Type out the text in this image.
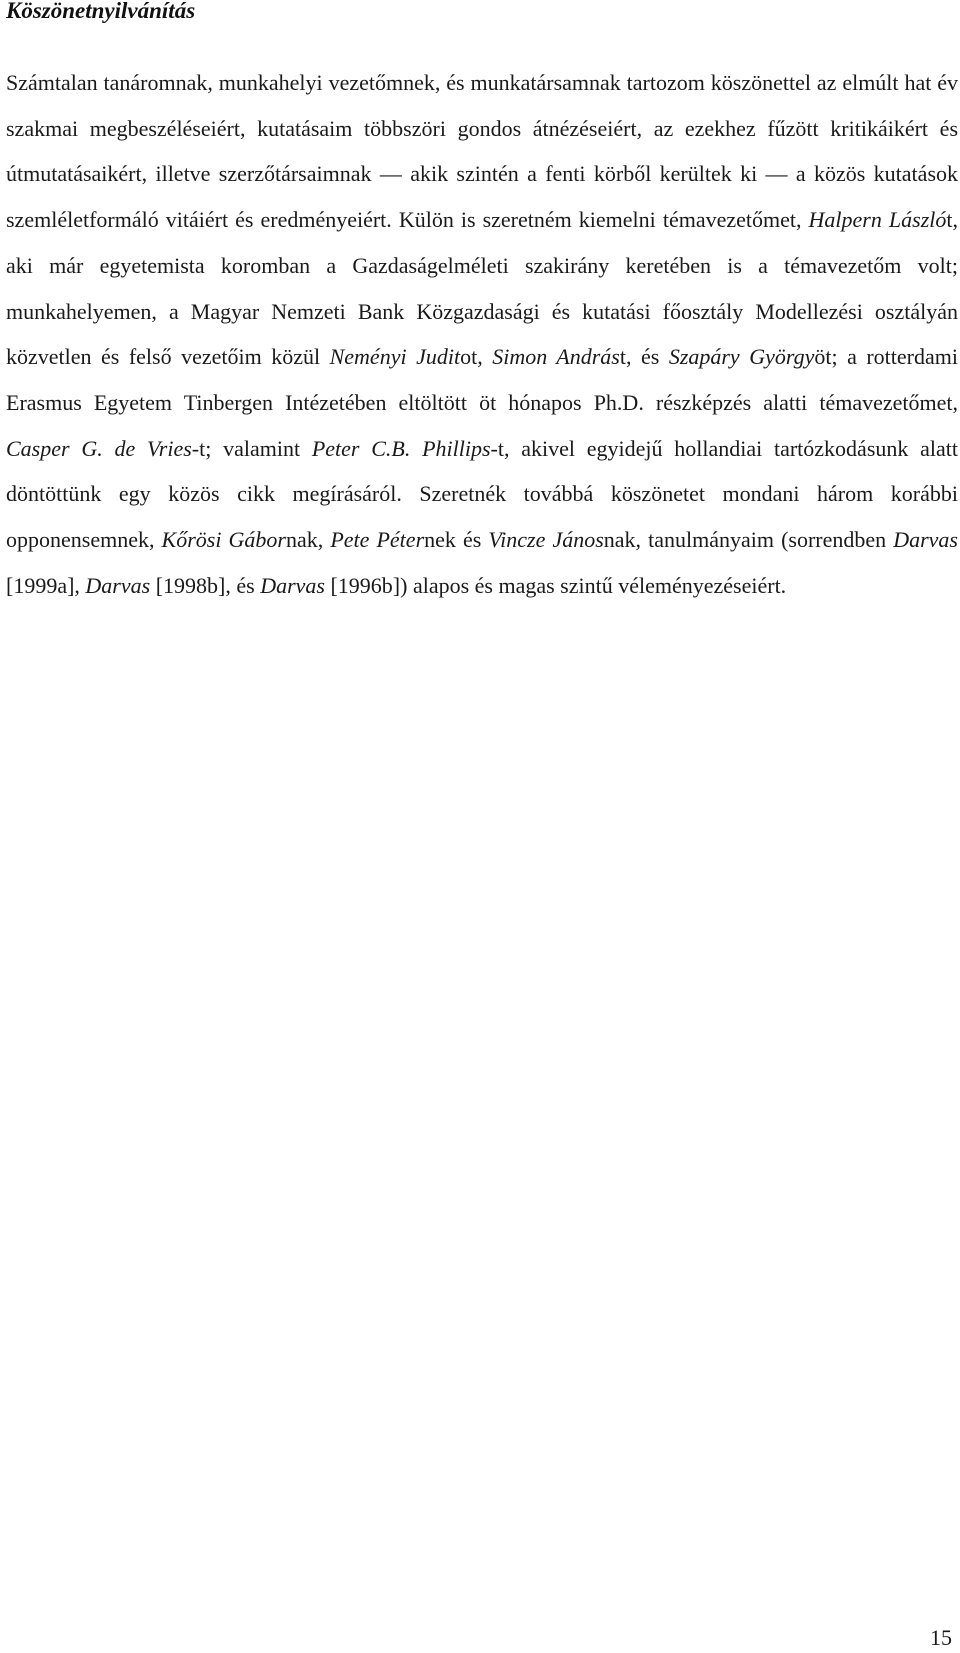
Köszönetnyilvánítás

Számtalan tanáromnak, munkahelyi vezetőmnek, és munkatársamnak tartozom köszönettel az elmúlt hat év szakmai megbeszéléseiért, kutatásaim többszöri gondos átnézéseiért, az ezekhez fűzött kritikáikért és útmutatásaikért, illetve szerzőtársaimnak — akik szintén a fenti körből kerültek ki — a közös kutatások szemléletformáló vitáiért és eredményeiért. Külön is szeretném kiemelni témavezetőmet, Halpern Lászlót, aki már egyetemista koromban a Gazdaságelméleti szakirány keretében is a témavezetőm volt; munkahelyemen, a Magyar Nemzeti Bank Közgazdasági és kutatási főosztály Modellezési osztályán közvetlen és felső vezetőim közül Neményi Juditot, Simon Andrást, és Szapáry Györgyöt; a rotterdami Erasmus Egyetem Tinbergen Intézetében eltöltött öt hónapos Ph.D. részképzés alatti témavezetőmet, Casper G. de Vries-t; valamint Peter C.B. Phillips-t, akivel egyidejű hollandiai tartózkodásunk alatt döntöttünk egy közös cikk megírásáról. Szeretnék továbbá köszönetet mondani három korábbi opponensemnek, Kőrösi Gábornak, Pete Péternek és Vincze Jánosnak, tanulmányaim (sorrendben Darvas [1999a], Darvas [1998b], és Darvas [1996b]) alapos és magas szintű véleményezéseiért.

15
